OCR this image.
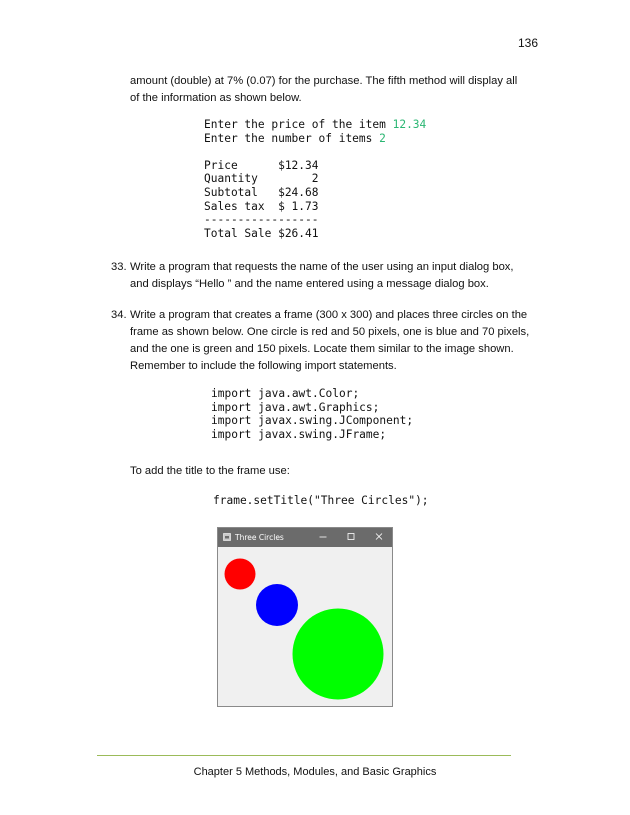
136
amount (double) at 7% (0.07) for the purchase. The fifth method will display all
of the information as shown below.
Enter the price of the item 12.34
Enter the number of items 2

Price      $12.34
Quantity        2
Subtotal   $24.68
Sales tax  $ 1.73
-----------------
Total Sale $26.41
33. Write a program that requests the name of the user using an input dialog box,
and displays “Hello ” and the name entered using a message dialog box.
34. Write a program that creates a frame (300 x 300) and places three circles on the
frame as shown below. One circle is red and 50 pixels, one is blue and 70 pixels,
and the one is green and 150 pixels. Locate them similar to the image shown.
Remember to include the following import statements.
import java.awt.Color;
import java.awt.Graphics;
import javax.swing.JComponent;
import javax.swing.JFrame;
To add the title to the frame use:
frame.setTitle("Three Circles");
Three Circles
Chapter 5 Methods, Modules, and Basic Graphics
